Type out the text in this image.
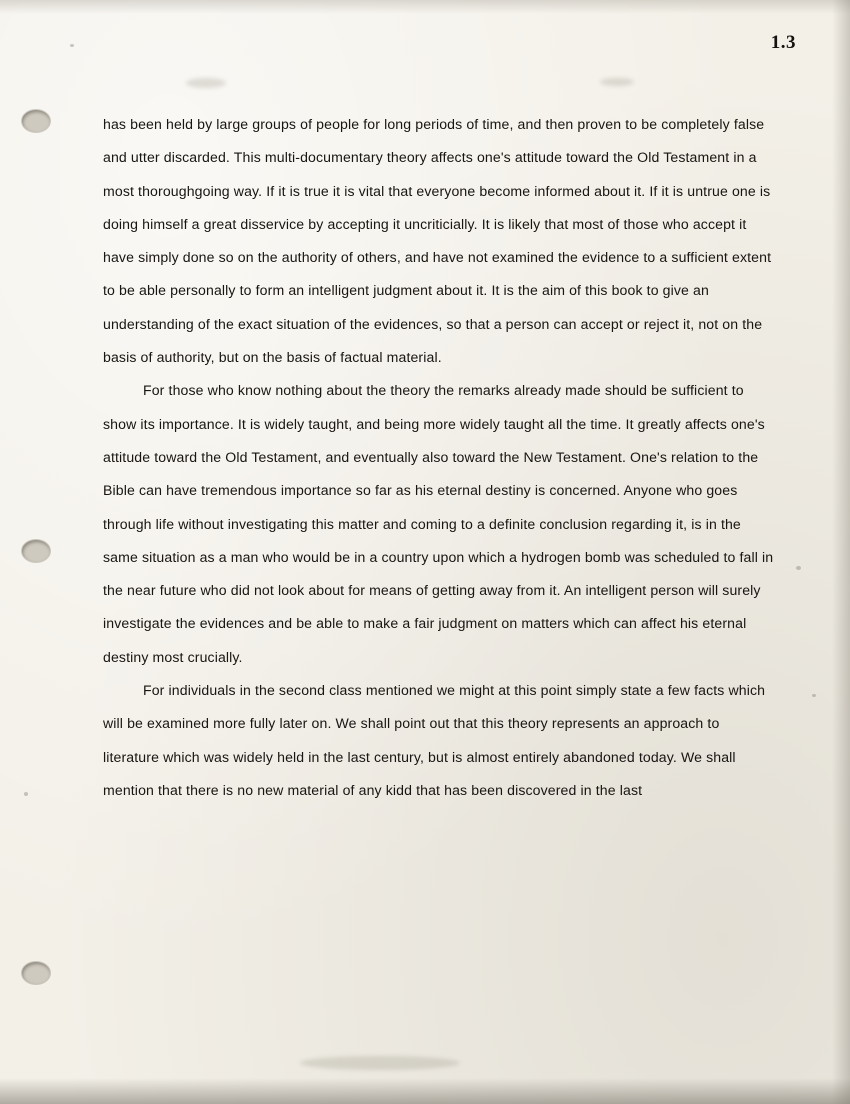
1.3

has been held by large groups of people for long periods of time, and then proven to be completely false and utter discarded. This multi-documentary theory affects one's attitude toward the Old Testament in a most thoroughgoing way. If it is true it is vital that everyone become informed about it. If it is untrue one is doing himself a great disservice by accepting it uncriticially. It is likely that most of those who accept it have simply done so on the authority of others, and have not examined the evidence to a sufficient extent to be able personally to form an intelligent judgment about it. It is the aim of this book to give an understanding of the exact situation of the evidences, so that a person can accept or reject it, not on the basis of authority, but on the basis of factual material.

For those who know nothing about the theory the remarks already made should be sufficient to show its importance. It is widely taught, and being more widely taught all the time. It greatly affects one's attitude toward the Old Testament, and eventually also toward the New Testament. One's relation to the Bible can have tremendous importance so far as his eternal destiny is concerned. Anyone who goes through life without investigating this matter and coming to a definite conclusion regarding it, is in the same situation as a man who would be in a country upon which a hydrogen bomb was scheduled to fall in the near future who did not look about for means of getting away from it. An intelligent person will surely investigate the evidences and be able to make a fair judgment on matters which can affect his eternal destiny most crucially.

For individuals in the second class mentioned we might at this point simply state a few facts which will be examined more fully later on. We shall point out that this theory represents an approach to literature which was widely held in the last century, but is almost entirely abandoned today. We shall mention that there is no new material of any kidd that has been discovered in the last
